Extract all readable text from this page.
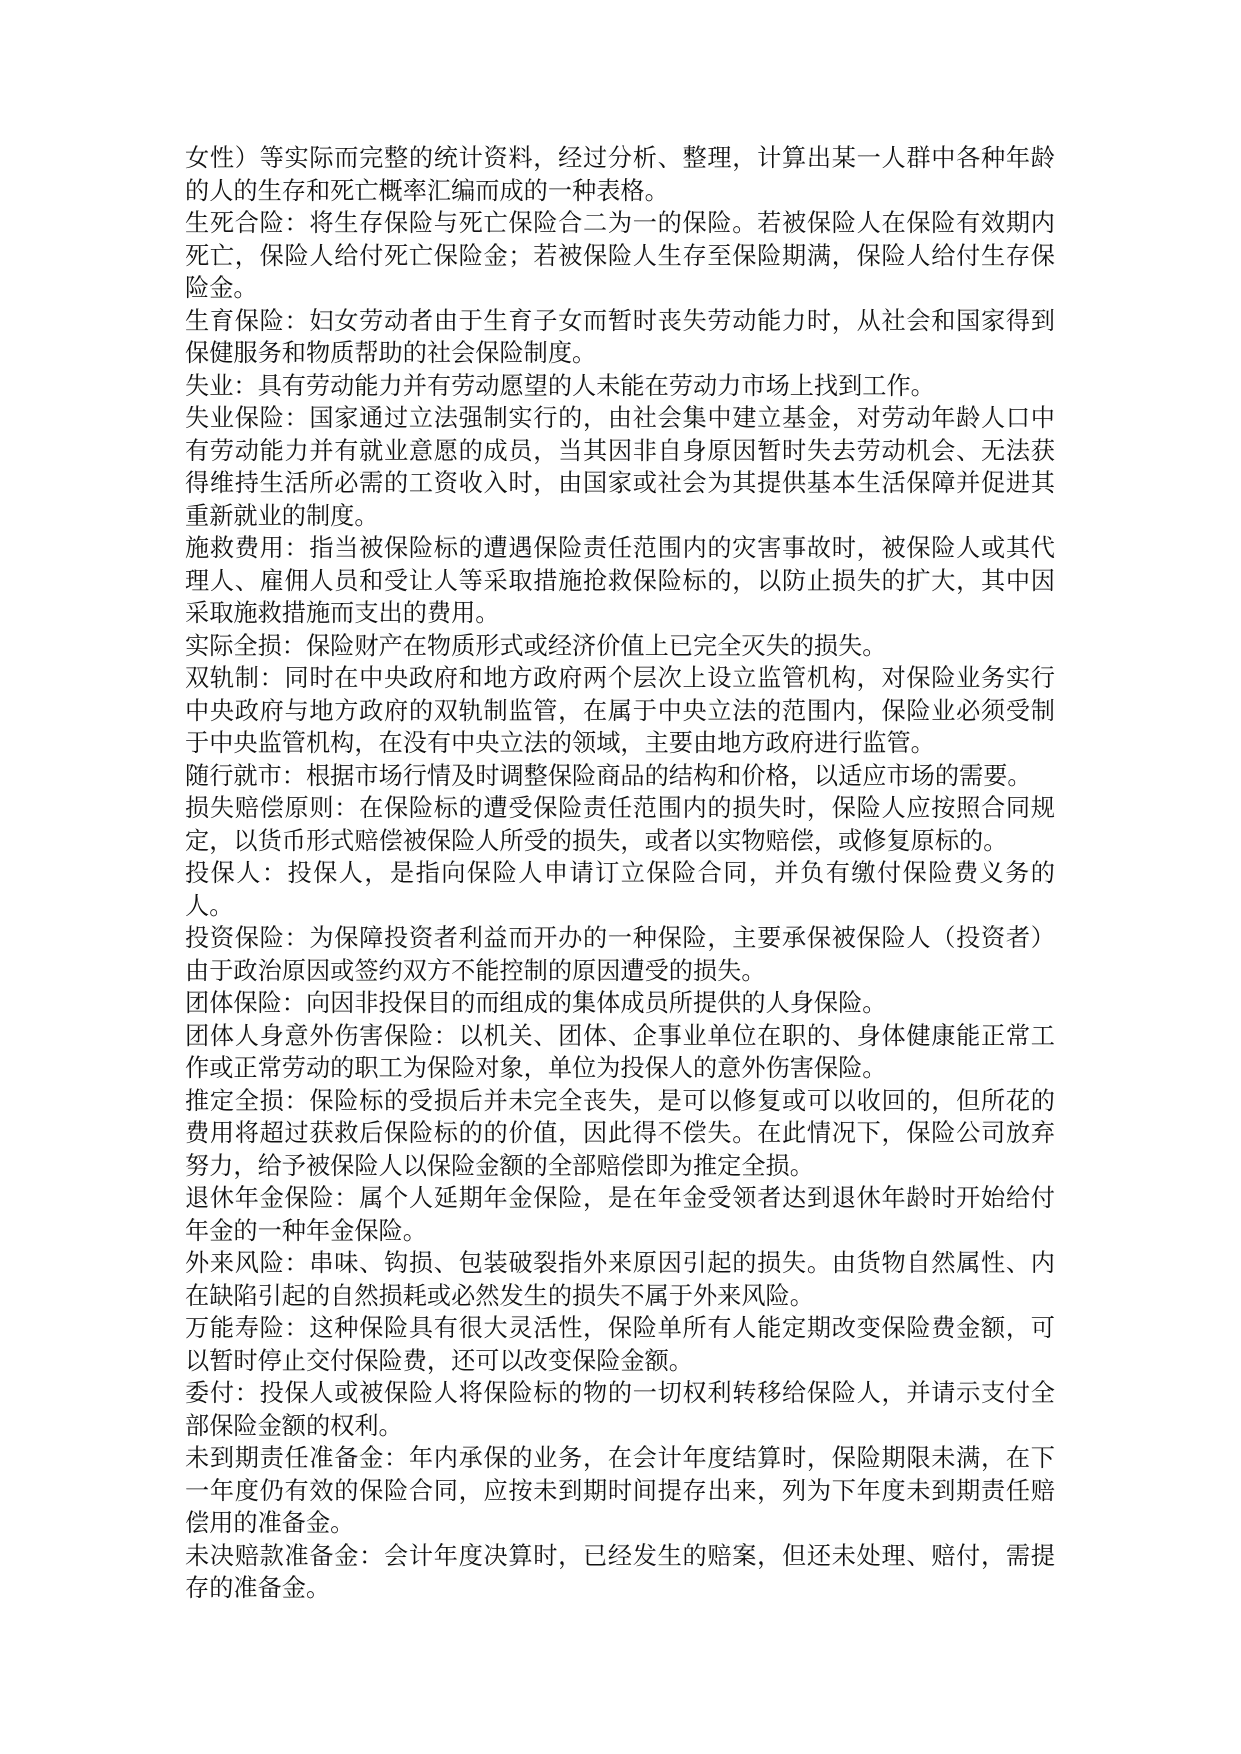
女性）等实际而完整的统计资料，经过分析、整理，计算出某一人群中各种年龄的人的生存和死亡概率汇编而成的一种表格。

生死合险：将生存保险与死亡保险合二为一的保险。若被保险人在保险有效期内死亡，保险人给付死亡保险金；若被保险人生存至保险期满，保险人给付生存保险金。

生育保险：妇女劳动者由于生育子女而暂时丧失劳动能力时，从社会和国家得到保健服务和物质帮助的社会保险制度。

失业：具有劳动能力并有劳动愿望的人未能在劳动力市场上找到工作。

失业保险：国家通过立法强制实行的，由社会集中建立基金，对劳动年龄人口中有劳动能力并有就业意愿的成员，当其因非自身原因暂时失去劳动机会、无法获得维持生活所必需的工资收入时，由国家或社会为其提供基本生活保障并促进其重新就业的制度。

施救费用：指当被保险标的遭遇保险责任范围内的灾害事故时，被保险人或其代理人、雇佣人员和受让人等采取措施抢救保险标的，以防止损失的扩大，其中因采取施救措施而支出的费用。

实际全损：保险财产在物质形式或经济价值上已完全灭失的损失。

双轨制：同时在中央政府和地方政府两个层次上设立监管机构，对保险业务实行中央政府与地方政府的双轨制监管，在属于中央立法的范围内，保险业必须受制于中央监管机构，在没有中央立法的领域，主要由地方政府进行监管。

随行就市：根据市场行情及时调整保险商品的结构和价格，以适应市场的需要。

损失赔偿原则：在保险标的遭受保险责任范围内的损失时，保险人应按照合同规定，以货币形式赔偿被保险人所受的损失，或者以实物赔偿，或修复原标的。

投保人：投保人，是指向保险人申请订立保险合同，并负有缴付保险费义务的人。

投资保险：为保障投资者利益而开办的一种保险，主要承保被保险人（投资者）由于政治原因或签约双方不能控制的原因遭受的损失。

团体保险：向因非投保目的而组成的集体成员所提供的人身保险。

团体人身意外伤害保险：以机关、团体、企事业单位在职的、身体健康能正常工作或正常劳动的职工为保险对象，单位为投保人的意外伤害保险。

推定全损：保险标的受损后并未完全丧失，是可以修复或可以收回的，但所花的费用将超过获救后保险标的的价值，因此得不偿失。在此情况下，保险公司放弃努力，给予被保险人以保险金额的全部赔偿即为推定全损。

退休年金保险：属个人延期年金保险，是在年金受领者达到退休年龄时开始给付年金的一种年金保险。

外来风险：串味、钩损、包装破裂指外来原因引起的损失。由货物自然属性、内在缺陷引起的自然损耗或必然发生的损失不属于外来风险。

万能寿险：这种保险具有很大灵活性，保险单所有人能定期改变保险费金额，可以暂时停止交付保险费，还可以改变保险金额。

委付：投保人或被保险人将保险标的物的一切权利转移给保险人，并请示支付全部保险金额的权利。

未到期责任准备金：年内承保的业务，在会计年度结算时，保险期限未满，在下一年度仍有效的保险合同，应按未到期时间提存出来，列为下年度未到期责任赔偿用的准备金。

未决赔款准备金：会计年度决算时，已经发生的赔案，但还未处理、赔付，需提存的准备金。
